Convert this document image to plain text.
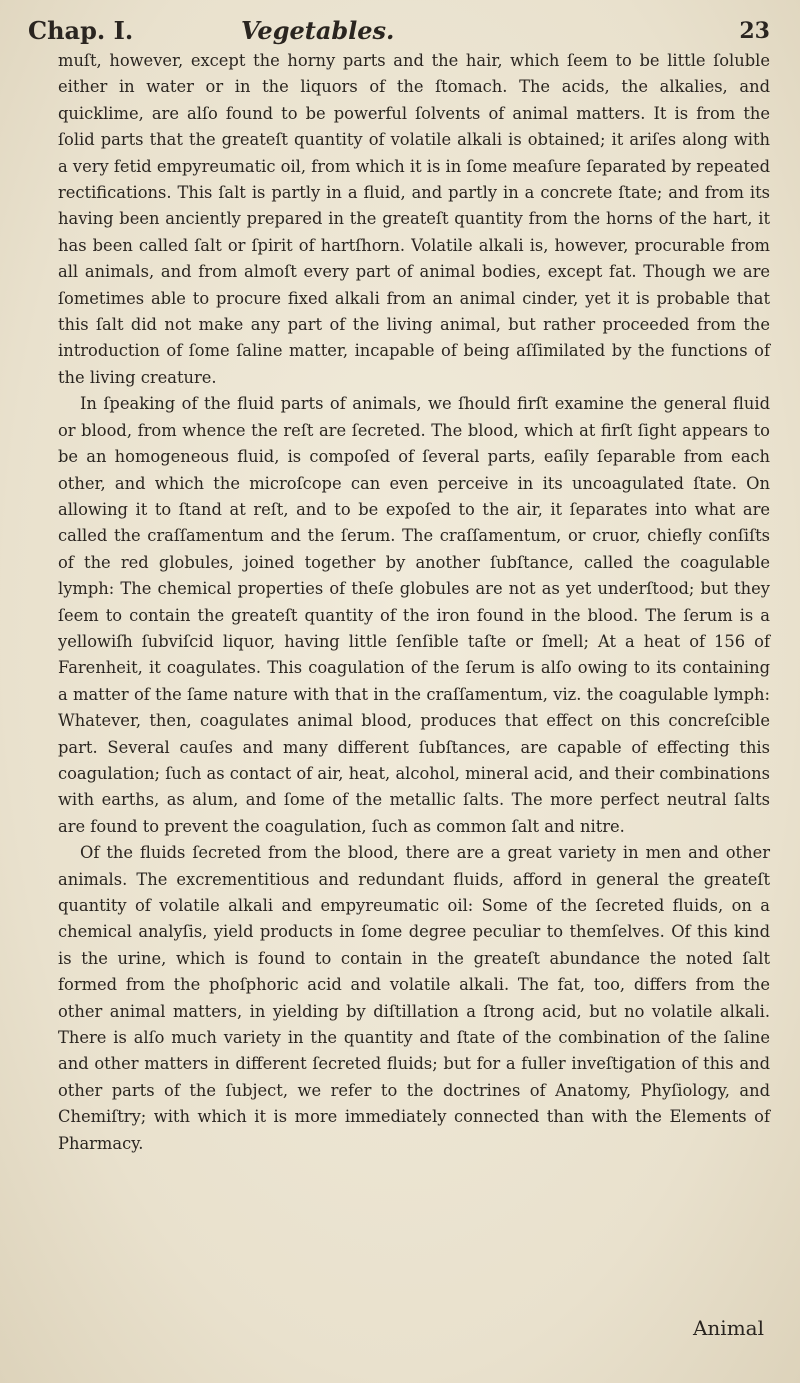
Chap. I.	Vegetables.	23

muſt, however, except the horny parts and the hair, which ſeem to be little ſoluble either in water or in the liquors of the ſtomach. The acids, the alkalies, and quicklime, are alſo found to be powerful ſolvents of animal matters. It is from the ſolid parts that the greateſt quantity of volatile alkali is obtained; it ariſes along with a very fetid empyreumatic oil, from which it is in ſome meaſure ſeparated by repeated rectifications. This ſalt is partly in a fluid, and partly in a concrete ſtate; and from its having been anciently prepared in the greateſt quantity from the horns of the hart, it has been called ſalt or ſpirit of hartſhorn. Volatile alkali is, however, procurable from all animals, and from almoſt every part of animal bodies, except fat. Though we are ſometimes able to procure fixed alkali from an animal cinder, yet it is probable that this ſalt did not make any part of the living animal, but rather proceeded from the introduction of ſome ſaline matter, incapable of being aſſimilated by the functions of the living creature.

In ſpeaking of the fluid parts of animals, we ſhould firſt examine the general fluid or blood, from whence the reſt are ſecreted. The blood, which at firſt ſight appears to be an homogeneous fluid, is compoſed of ſeveral parts, eaſily ſeparable from each other, and which the microſcope can even perceive in its uncoagulated ſtate. On allowing it to ſtand at reſt, and to be expoſed to the air, it ſeparates into what are called the craſſamentum and the ſerum. The craſſamentum, or cruor, chiefly conſiſts of the red globules, joined together by another ſubſtance, called the coagulable lymph: The chemical properties of theſe globules are not as yet underſtood; but they ſeem to contain the greateſt quantity of the iron found in the blood. The ſerum is a yellowiſh ſubviſcid liquor, having little ſenſible taſte or ſmell; At a heat of 156 of Farenheit, it coagulates. This coagulation of the ſerum is alſo owing to its containing a matter of the ſame nature with that in the craſſamentum, viz. the coagulable lymph: Whatever, then, coagulates animal blood, produces that effect on this concreſcible part. Several cauſes and many different ſubſtances, are capable of effecting this coagulation; ſuch as contact of air, heat, alcohol, mineral acid, and their combinations with earths, as alum, and ſome of the metallic ſalts. The more perfect neutral ſalts are found to prevent the coagulation, ſuch as common ſalt and nitre.

Of the fluids ſecreted from the blood, there are a great variety in men and other animals. The excrementitious and redundant fluids, afford in general the greateſt quantity of volatile alkali and empyreumatic oil: Some of the ſecreted fluids, on a chemical analyſis, yield products in ſome degree peculiar to themſelves. Of this kind is the urine, which is found to contain in the greateſt abundance the noted ſalt formed from the phoſphoric acid and volatile alkali. The fat, too, differs from the other animal matters, in yielding by diſtillation a ſtrong acid, but no volatile alkali. There is alſo much variety in the quantity and ſtate of the combination of the ſaline and other matters in different ſecreted fluids; but for a fuller inveſtigation of this and other parts of the ſubject, we refer to the doctrines of Anatomy, Phyſiology, and Chemiſtry; with which it is more immediately connected than with the Elements of Pharmacy.

Animal
